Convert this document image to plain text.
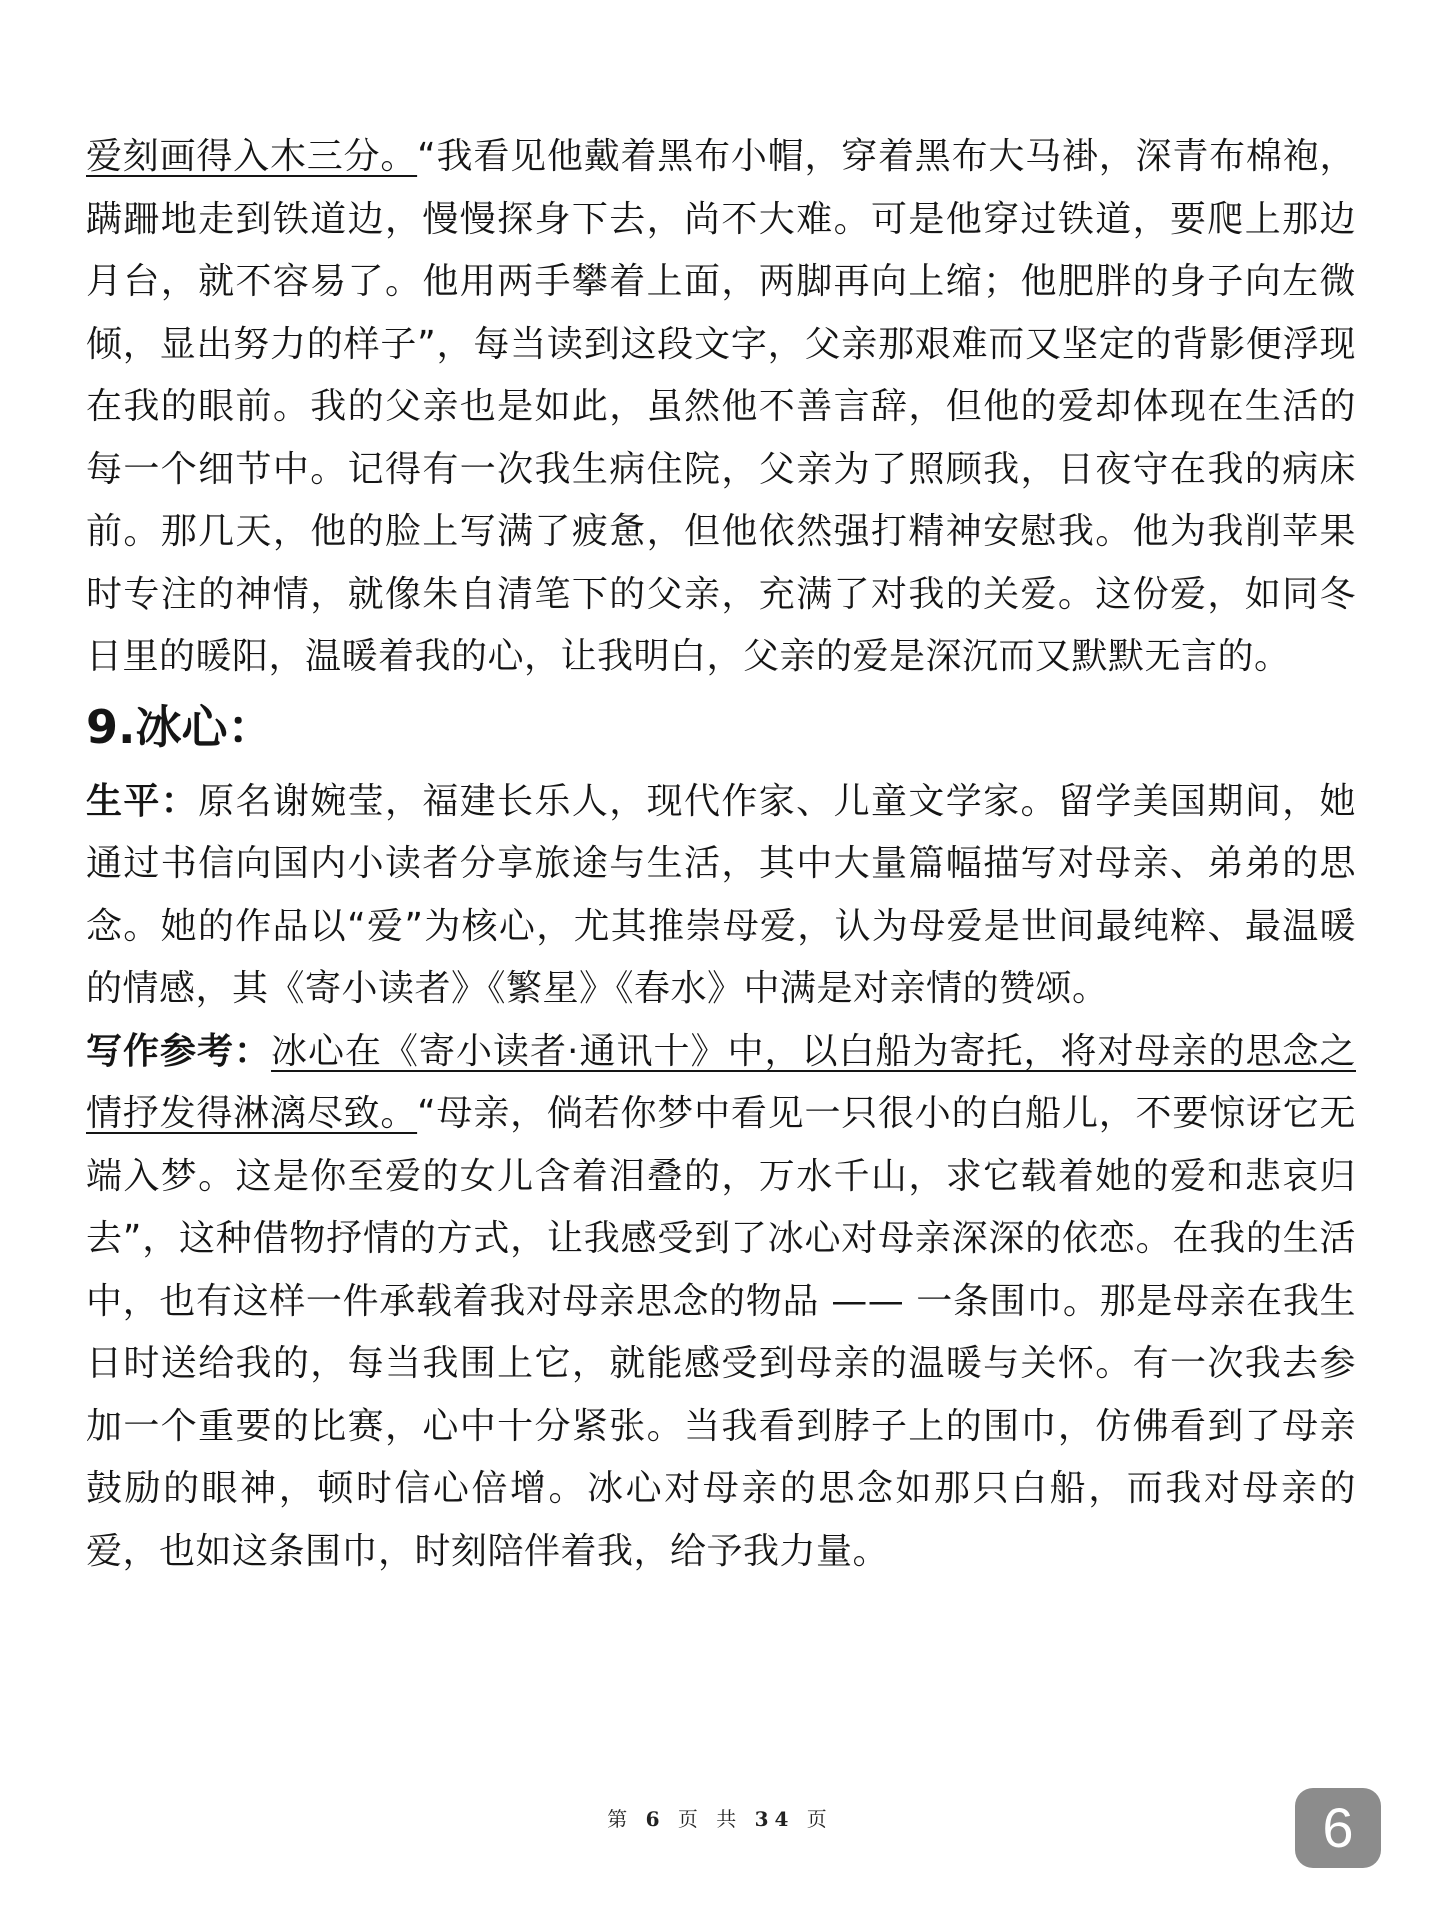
爱刻画得入木三分。“我看见他戴着黑布小帽，穿着黑布大马褂，深青布棉袍，蹒跚地走到铁道边，慢慢探身下去，尚不大难。可是他穿过铁道，要爬上那边月台，就不容易了。他用两手攀着上面，两脚再向上缩；他肥胖的身子向左微倾，显出努力的样子”，每当读到这段文字，父亲那艰难而又坚定的背影便浮现在我的眼前。我的父亲也是如此，虽然他不善言辞，但他的爱却体现在生活的每一个细节中。记得有一次我生病住院，父亲为了照顾我，日夜守在我的病床前。那几天，他的脸上写满了疲惫，但他依然强打精神安慰我。他为我削苹果时专注的神情，就像朱自清笔下的父亲，充满了对我的关爱。这份爱，如同冬日里的暖阳，温暖着我的心，让我明白，父亲的爱是深沉而又默默无言的。

9.冰心：

生平：原名谢婉莹，福建长乐人，现代作家、儿童文学家。留学美国期间，她通过书信向国内小读者分享旅途与生活，其中大量篇幅描写对母亲、弟弟的思念。她的作品以“爱”为核心，尤其推崇母爱，认为母爱是世间最纯粹、最温暖的情感，其《寄小读者》《繁星》《春水》中满是对亲情的赞颂。

写作参考：冰心在《寄小读者·通讯十》中，以白船为寄托，将对母亲的思念之情抒发得淋漓尽致。“母亲，倘若你梦中看见一只很小的白船儿，不要惊讶它无端入梦。这是你至爱的女儿含着泪叠的，万水千山，求它载着她的爱和悲哀归去”，这种借物抒情的方式，让我感受到了冰心对母亲深深的依恋。在我的生活中，也有这样一件承载着我对母亲思念的物品 —— 一条围巾。那是母亲在我生日时送给我的，每当我围上它，就能感受到母亲的温暖与关怀。有一次我去参加一个重要的比赛，心中十分紧张。当我看到脖子上的围巾，仿佛看到了母亲鼓励的眼神，顿时信心倍增。冰心对母亲的思念如那只白船，而我对母亲的爱，也如这条围巾，时刻陪伴着我，给予我力量。

第 6 页 共 34 页	6
